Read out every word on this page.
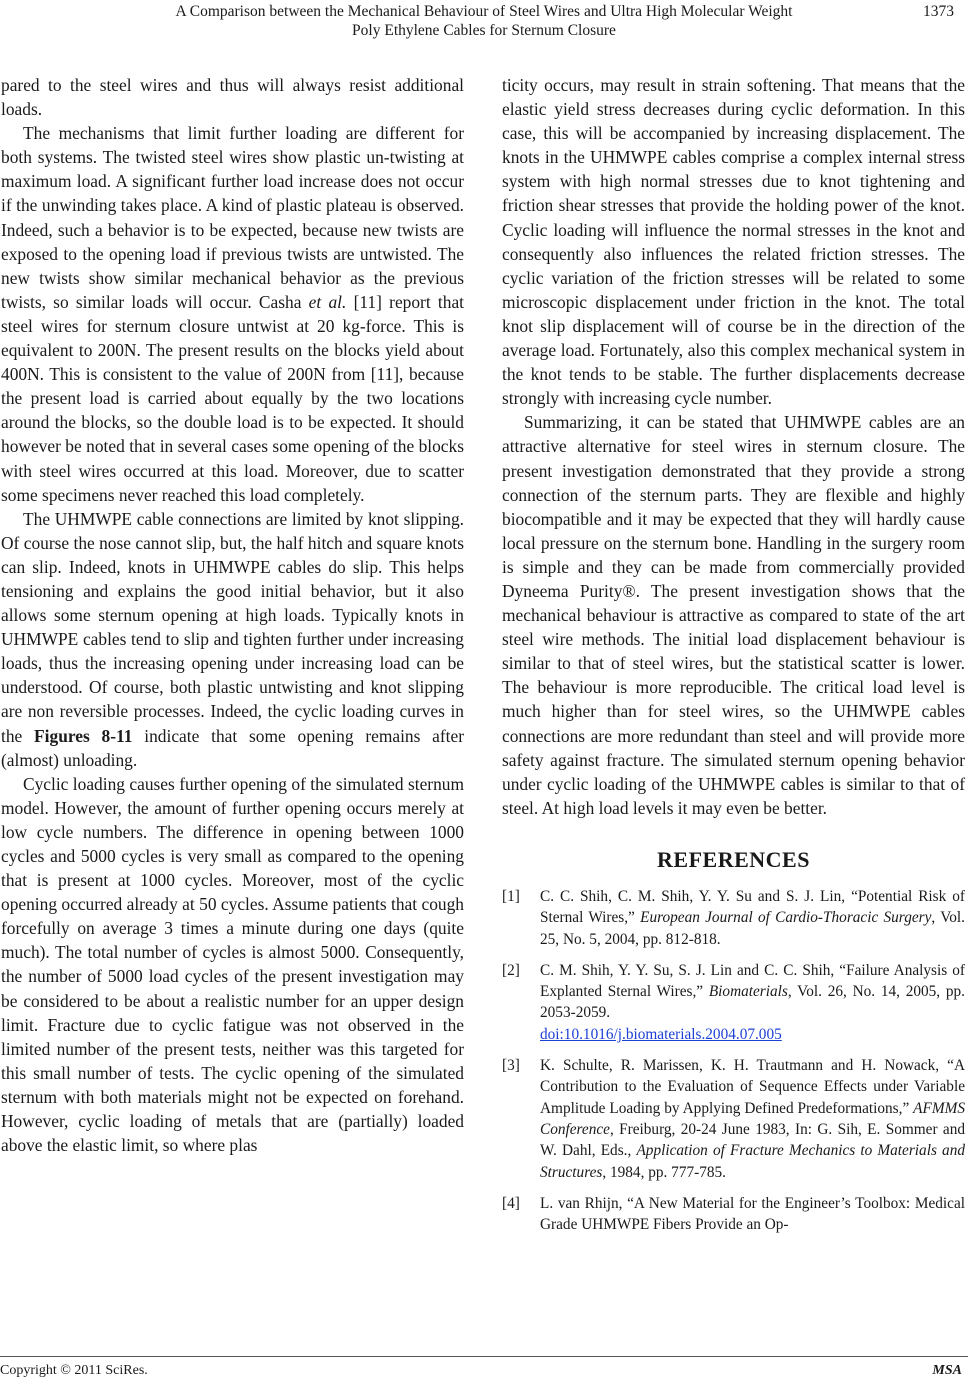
A Comparison between the Mechanical Behaviour of Steel Wires and Ultra High Molecular Weight
Poly Ethylene Cables for Sternum Closure
1373

pared to the steel wires and thus will always resist additional loads.

The mechanisms that limit further loading are different for both systems. The twisted steel wires show plastic un-twisting at maximum load. A significant further load increase does not occur if the unwinding takes place. A kind of plastic plateau is observed. Indeed, such a behavior is to be expected, because new twists are exposed to the opening load if previous twists are untwisted. The new twists show similar mechanical behavior as the previous twists, so similar loads will occur. Casha et al. [11] report that steel wires for sternum closure untwist at 20 kg-force. This is equivalent to 200N. The present results on the blocks yield about 400N. This is consistent to the value of 200N from [11], because the present load is carried about equally by the two locations around the blocks, so the double load is to be expected. It should however be noted that in several cases some opening of the blocks with steel wires occurred at this load. Moreover, due to scatter some specimens never reached this load completely.

The UHMWPE cable connections are limited by knot slipping. Of course the nose cannot slip, but, the half hitch and square knots can slip. Indeed, knots in UHMWPE cables do slip. This helps tensioning and explains the good initial behavior, but it also allows some sternum opening at high loads. Typically knots in UHMWPE cables tend to slip and tighten further under increasing loads, thus the increasing opening under increasing load can be understood. Of course, both plastic untwisting and knot slipping are non reversible processes. Indeed, the cyclic loading curves in the Figures 8-11 indicate that some opening remains after (almost) unloading.

Cyclic loading causes further opening of the simulated sternum model. However, the amount of further opening occurs merely at low cycle numbers. The difference in opening between 1000 cycles and 5000 cycles is very small as compared to the opening that is present at 1000 cycles. Moreover, most of the cyclic opening occurred already at 50 cycles. Assume patients that cough forcefully on average 3 times a minute during one days (quite much). The total number of cycles is almost 5000. Consequently, the number of 5000 load cycles of the present investigation may be considered to be about a realistic number for an upper design limit. Fracture due to cyclic fatigue was not observed in the limited number of the present tests, neither was this targeted for this small number of tests. The cyclic opening of the simulated sternum with both materials might not be expected on forehand. However, cyclic loading of metals that are (partially) loaded above the elastic limit, so where plas

ticity occurs, may result in strain softening. That means that the elastic yield stress decreases during cyclic deformation. In this case, this will be accompanied by increasing displacement. The knots in the UHMWPE cables comprise a complex internal stress system with high normal stresses due to knot tightening and friction shear stresses that provide the holding power of the knot. Cyclic loading will influence the normal stresses in the knot and consequently also influences the related friction stresses. The cyclic variation of the friction stresses will be related to some microscopic displacement under friction in the knot. The total knot slip displacement will of course be in the direction of the average load. Fortunately, also this complex mechanical system in the knot tends to be stable. The further displacements decrease strongly with increasing cycle number.

Summarizing, it can be stated that UHMWPE cables are an attractive alternative for steel wires in sternum closure. The present investigation demonstrated that they provide a strong connection of the sternum parts. They are flexible and highly biocompatible and it may be expected that they will hardly cause local pressure on the sternum bone. Handling in the surgery room is simple and they can be made from commercially provided Dyneema Purity®. The present investigation shows that the mechanical behaviour is attractive as compared to state of the art steel wire methods. The initial load displacement behaviour is similar to that of steel wires, but the statistical scatter is lower. The behaviour is more reproducible. The critical load level is much higher than for steel wires, so the UHMWPE cables connections are more redundant than steel and will provide more safety against fracture. The simulated sternum opening behavior under cyclic loading of the UHMWPE cables is similar to that of steel. At high load levels it may even be better.

REFERENCES
[1]	C. C. Shih, C. M. Shih, Y. Y. Su and S. J. Lin, “Potential Risk of Sternal Wires,” European Journal of Cardio-Thoracic Surgery, Vol. 25, No. 5, 2004, pp. 812-818.
[2]	C. M. Shih, Y. Y. Su, S. J. Lin and C. C. Shih, “Failure Analysis of Explanted Sternal Wires,” Biomaterials, Vol. 26, No. 14, 2005, pp. 2053-2059.
doi:10.1016/j.biomaterials.2004.07.005
[3]	K. Schulte, R. Marissen, K. H. Trautmann and H. Nowack, “A Contribution to the Evaluation of Sequence Effects under Variable Amplitude Loading by Applying Defined Predeformations,” AFMMS Conference, Freiburg, 20-24 June 1983, In: G. Sih, E. Sommer and W. Dahl, Eds., Application of Fracture Mechanics to Materials and Structures, 1984, pp. 777-785.
[4]	L. van Rhijn, “A New Material for the Engineer’s Toolbox: Medical Grade UHMWPE Fibers Provide an Op-
Copyright © 2011 SciRes.	MSA
